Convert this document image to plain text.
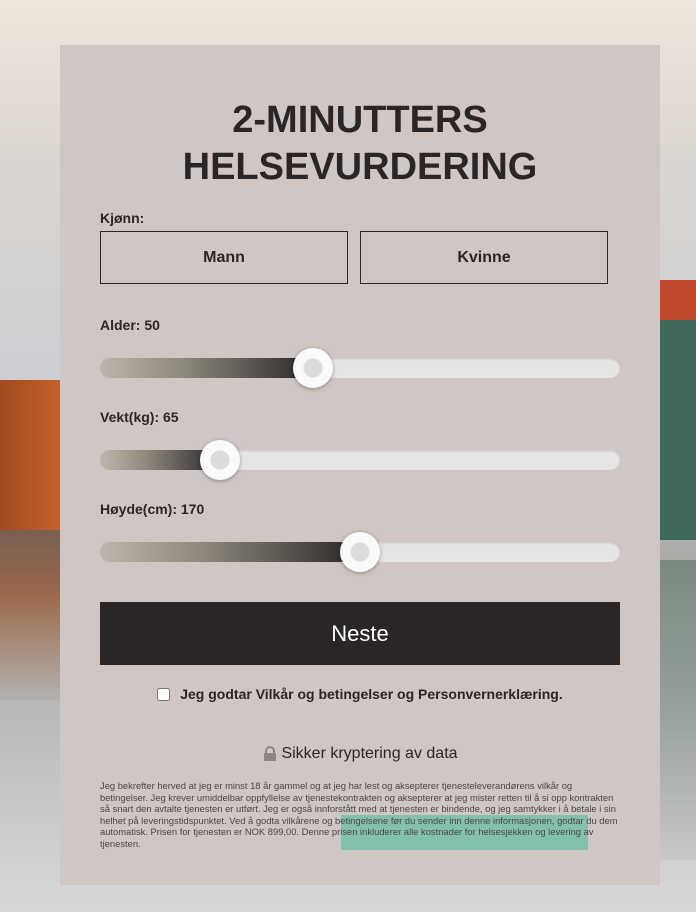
2-MINUTTERS HELSEVURDERING
Kjønn:
Mann	Kvinne
Alder: 50
Vekt(kg): 65
Høyde(cm): 170
Neste
Jeg godtar Vilkår og betingelser og Personvernerklæring.
Sikker kryptering av data
Jeg bekrefter herved at jeg er minst 18 år gammel og at jeg har lest og aksepterer tjenesteleverandørens vilkår og betingelser. Jeg krever umiddelbar oppfyllelse av tjenestekontrakten og aksepterer at jeg mister retten til å si opp kontrakten så snart den avtalte tjenesten er utført. Jeg er også innforstått med at tjenesten er bindende, og jeg samtykker i å betale i sin helhet på leveringstidspunktet. Ved å godta vilkårene og betingelsene før du sender inn denne informasjonen, godtar du dem automatisk. Prisen for tjenesten er NOK 899,00. Denne prisen inkluderer alle kostnader for helsesjekken og levering av tjenesten.
